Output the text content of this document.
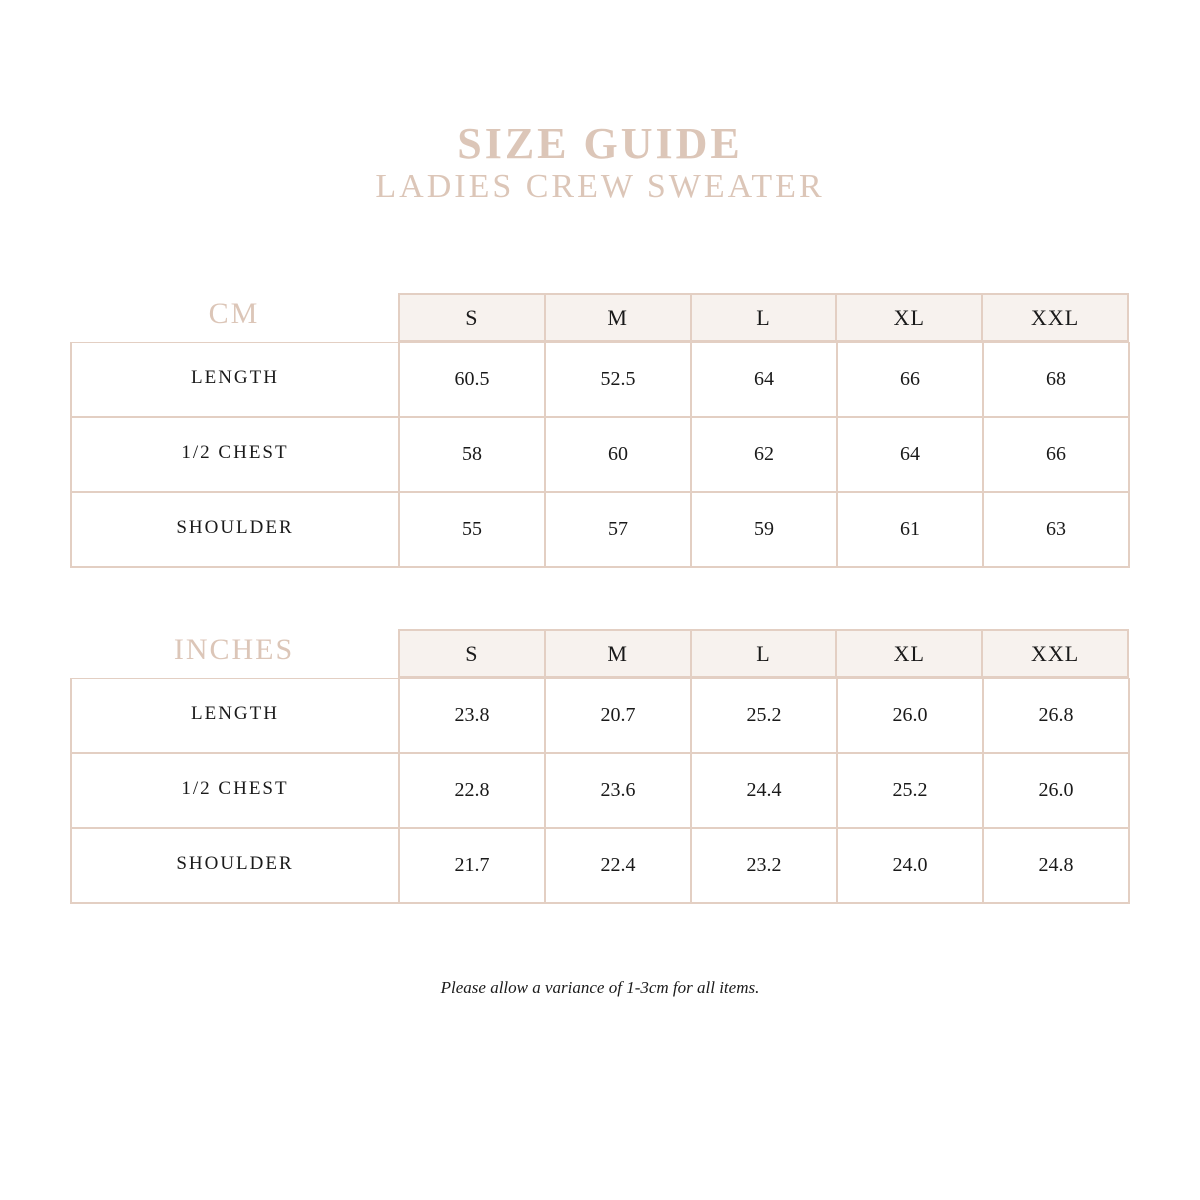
SIZE GUIDE
LADIES CREW SWEATER
CM	S	M	L	XL	XXL
LENGTH	60.5	52.5	64	66	68
1/2 CHEST	58	60	62	64	66
SHOULDER	55	57	59	61	63
INCHES	S	M	L	XL	XXL
LENGTH	23.8	20.7	25.2	26.0	26.8
1/2 CHEST	22.8	23.6	24.4	25.2	26.0
SHOULDER	21.7	22.4	23.2	24.0	24.8
Please allow a variance of 1-3cm for all items.
